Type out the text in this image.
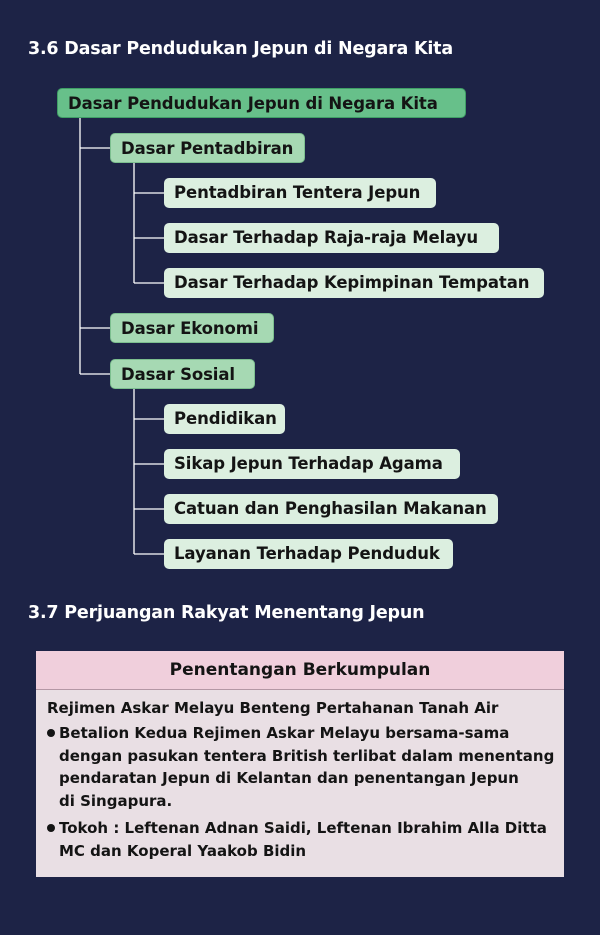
3.6 Dasar Pendudukan Jepun di Negara Kita
Dasar Pendudukan Jepun di Negara Kita
Dasar Pentadbiran
Pentadbiran Tentera Jepun
Dasar Terhadap Raja-raja Melayu
Dasar Terhadap Kepimpinan Tempatan
Dasar Ekonomi
Dasar Sosial
Pendidikan
Sikap Jepun Terhadap Agama
Catuan dan Penghasilan Makanan
Layanan Terhadap Penduduk
3.7 Perjuangan Rakyat Menentang Jepun
Penentangan Berkumpulan
Rejimen Askar Melayu Benteng Pertahanan Tanah Air
Betalion Kedua Rejimen Askar Melayu bersama-sama
dengan pasukan tentera British terlibat dalam menentang
pendaratan Jepun di Kelantan dan penentangan Jepun
di Singapura.
Tokoh : Leftenan Adnan Saidi, Leftenan Ibrahim Alla Ditta
MC dan Koperal Yaakob Bidin
